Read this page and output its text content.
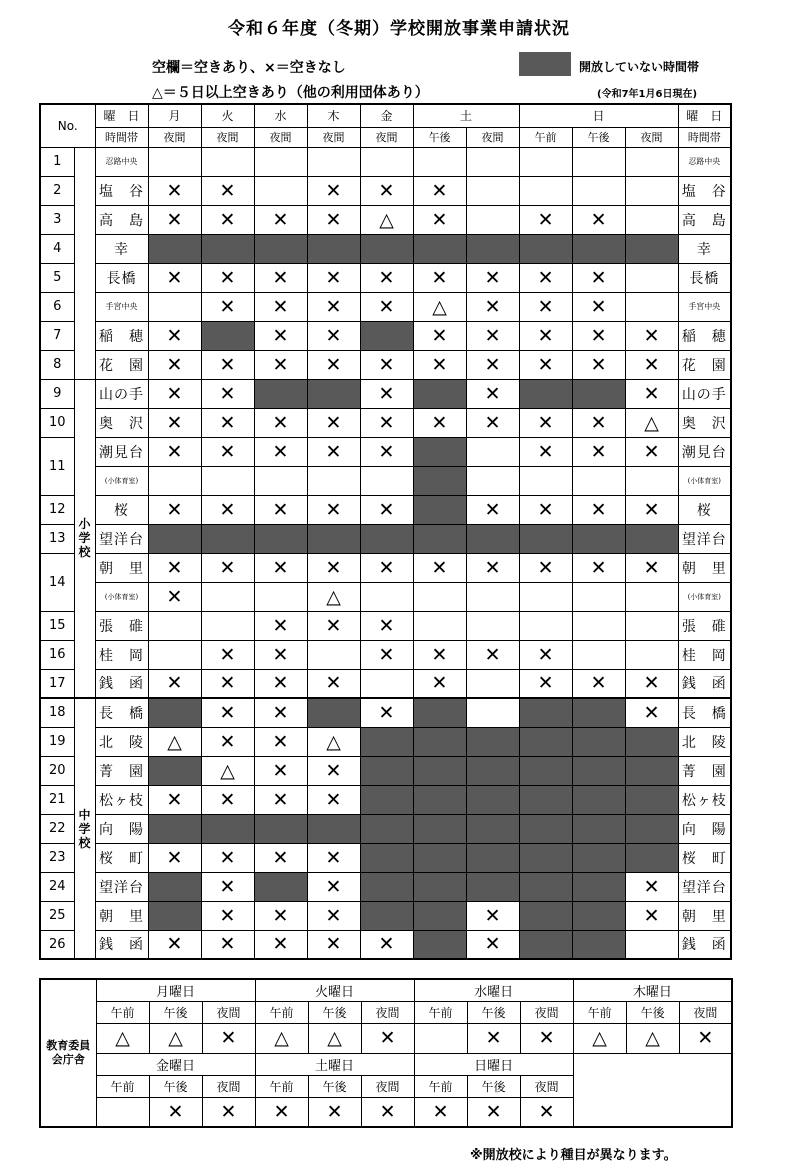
令和６年度（冬期）学校開放事業申請状況
空欄＝空きあり、×＝空きなし
△＝５日以上空きあり（他の利用団体あり）
開放していない時間帯
(令和7年1月6日現在)
No.		曜　日	月	火	水	木	金	土		日			曜　日
		時間帯	夜間	夜間	夜間	夜間	夜間	午後	夜間	午前	午後	夜間	時間帯
1		忍路中央											忍路中央
2		塩　谷	✕	✕		✕	✕	✕					塩　谷
3		高　島	✕	✕	✕	✕	△	✕		✕	✕		高　島
4		幸											幸
5		長橋	✕	✕	✕	✕	✕	✕	✕	✕	✕		長橋
6		手宮中央		✕	✕	✕	✕	△	✕	✕	✕		手宮中央
7		稲　穂	✕		✕	✕		✕	✕	✕	✕	✕	稲　穂
8		花　園	✕	✕	✕	✕	✕	✕	✕	✕	✕	✕	花　園
9	小学校	山の手	✕	✕			✕		✕			✕	山の手
10		奥　沢	✕	✕	✕	✕	✕	✕	✕	✕	✕	△	奥　沢
11		潮見台	✕	✕	✕	✕	✕			✕	✕	✕	潮見台
		(小体育室)											(小体育室)
12		桜	✕	✕	✕	✕	✕		✕	✕	✕	✕	桜
13		望洋台											望洋台
14		朝　里	✕	✕	✕	✕	✕	✕	✕	✕	✕	✕	朝　里
		(小体育室)	✕			△							(小体育室)
15		張　碓			✕	✕	✕						張　碓
16		桂　岡		✕	✕		✕	✕	✕	✕			桂　岡
17		銭　函	✕	✕	✕	✕		✕		✕	✕	✕	銭　函
18	中学校	長　橋		✕	✕		✕					✕	長　橋
19		北　陵	△	✕	✕	△							北　陵
20		菁　園		△	✕	✕							菁　園
21		松ヶ枝	✕	✕	✕	✕							松ヶ枝
22		向　陽											向　陽
23		桜　町	✕	✕	✕	✕							桜　町
24		望洋台		✕		✕						✕	望洋台
25		朝　里		✕	✕	✕			✕			✕	朝　里
26		銭　函	✕	✕	✕	✕	✕		✕				銭　函
教育委員会庁舎	月曜日			火曜日			水曜日			木曜日		
	午前	午後	夜間	午前	午後	夜間	午前	午後	夜間	午前	午後	夜間
	△	△	✕	△	△	✕		✕	✕	△	△	✕
	金曜日			土曜日			日曜日					
	午前	午後	夜間	午前	午後	夜間	午前	午後	夜間			
		✕	✕	✕	✕	✕	✕	✕	✕			
※開放校により種目が異なります。
